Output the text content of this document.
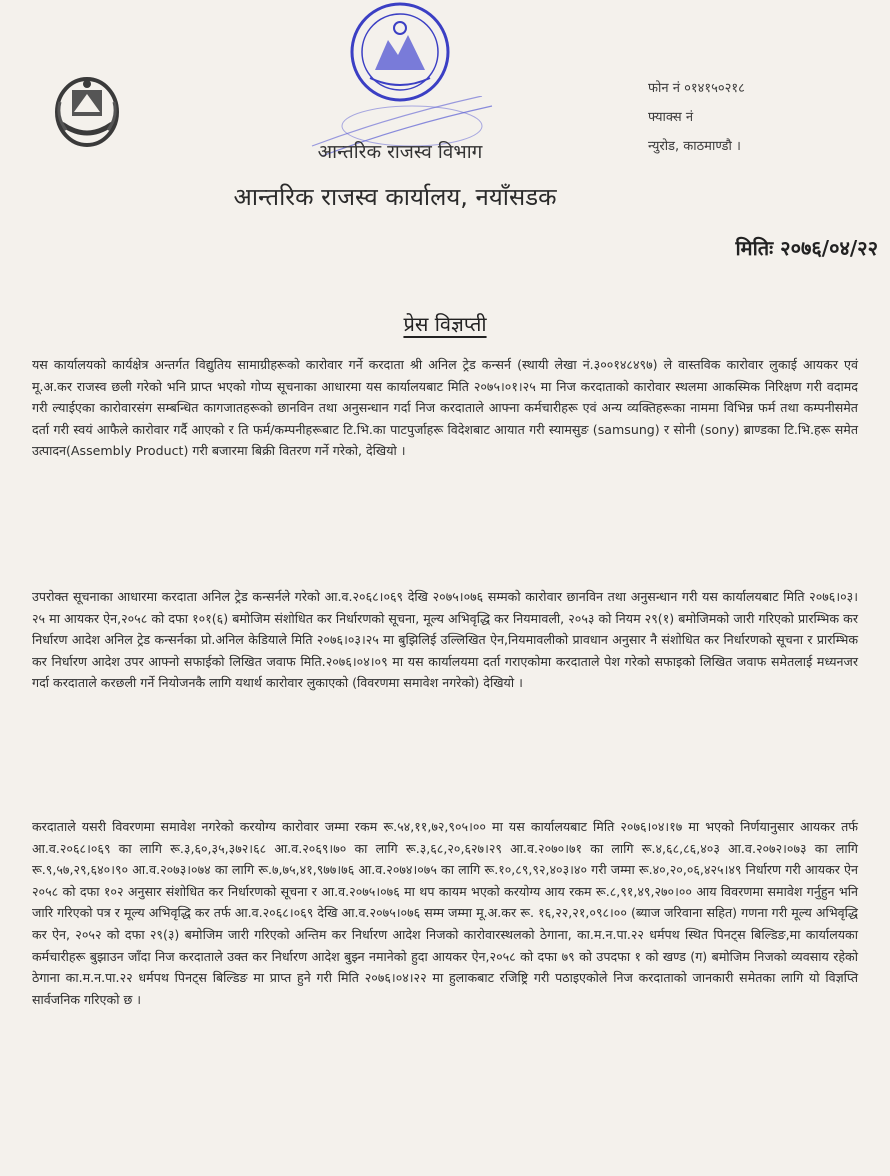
आन्तरिक राजस्व विभाग
आन्तरिक राजस्व कार्यालय, नयाँसडक
फोन नं ०१४१५०२१८
फ्याक्स नं
न्युरोड, काठमाण्डौ ।
मितिः २०७६/०४/२२
प्रेस विज्ञप्ती
यस कार्यालयको कार्यक्षेत्र अन्तर्गत विद्युतिय सामाग्रीहरूको कारोवार गर्ने करदाता श्री अनिल ट्रेड कन्सर्न (स्थायी लेखा नं.३००१४८४९७) ले वास्तविक कारोवार लुकाई आयकर एवं मू.अ.कर राजस्व छली गरेको भनि प्राप्त भएको गोप्य सूचनाका आधारमा यस कार्यालयबाट मिति २०७५।०१।२५ मा निज करदाताको कारोवार स्थलमा आकस्मिक निरिक्षण गरी वदामद गरी ल्याईएका कारोवारसंग सम्बन्धित कागजातहरूको छानविन तथा अनुसन्धान गर्दा निज करदाताले आफ्ना कर्मचारीहरू एवं अन्य व्यक्तिहरूका नाममा विभिन्न फर्म तथा कम्पनीसमेत दर्ता गरी स्वयं आफैले कारोवार गर्दै आएको र ति फर्म/कम्पनीहरूबाट टि.भि.का पाटपुर्जाहरू विदेशबाट आयात गरी स्यामसुङ (samsung) र सोनी (sony) ब्राण्डका टि.भि.हरू समेत उत्पादन(Assembly Product) गरी बजारमा बिक्री वितरण गर्ने गरेको, देखियो ।
उपरोक्त सूचनाका आधारमा करदाता अनिल ट्रेड कन्सर्नले गरेको आ.व.२०६८।०६९ देखि २०७५।०७६ सम्मको कारोवार छानविन तथा अनुसन्धान गरी यस कार्यालयबाट मिति २०७६।०३।२५ मा आयकर ऐन,२०५८ को दफा १०१(६) बमोजिम संशोधित कर निर्धारणको सूचना, मूल्य अभिवृद्धि कर नियमावली, २०५३ को नियम २९(१) बमोजिमको जारी गरिएको प्रारम्भिक कर निर्धारण आदेश अनिल ट्रेड कन्सर्नका प्रो.अनिल केडियाले मिति २०७६।०३।२५ मा बुझिलिई उल्लिखित ऐन,नियमावलीको प्रावधान अनुसार नै संशोधित कर निर्धारणको सूचना र प्रारम्भिक कर निर्धारण आदेश उपर आफ्नो सफाईको लिखित जवाफ मिति.२०७६।०४।०९ मा यस कार्यालयमा दर्ता गराएकोमा करदाताले पेश गरेको सफाइको लिखित जवाफ समेतलाई मध्यनजर गर्दा करदाताले करछली गर्ने नियोजनकै लागि यथार्थ कारोवार लुकाएको (विवरणमा समावेश नगरेको) देखियो ।
करदाताले यसरी विवरणमा समावेश नगरेको करयोग्य कारोवार जम्मा रकम रू.५४,११,७२,९०५।०० मा यस कार्यालयबाट मिति २०७६।०४।१७ मा भएको निर्णयानुसार आयकर तर्फ आ.व.२०६८।०६९ का लागि रू.३,६०,३५,३७२।६८ आ.व.२०६९।७० का लागि रू.३,६८,२०,६२७।२९ आ.व.२०७०।७१ का लागि रू.४,६८,८६,४०३ आ.व.२०७२।०७३ का लागि रू.९,५७,२९,६४०।९० आ.व.२०७३।०७४ का लागि रू.७,७५,४१,९७७।७६ आ.व.२०७४।०७५ का लागि रू.१०,८९,९२,४०३।४० गरी जम्मा रू.४०,२०,०६,४२५।४९ निर्धारण गरी आयकर ऐन २०५८ को दफा १०२ अनुसार संशोधित कर निर्धारणको सूचना र आ.व.२०७५।०७६ मा थप कायम भएको करयोग्य आय रकम रू.८,९१,४९,२७०।०० आय विवरणमा समावेश गर्नुहुन भनि जारि गरिएको पत्र र मूल्य अभिवृद्धि कर तर्फ आ.व.२०६८।०६९ देखि आ.व.२०७५।०७६ सम्म जम्मा मू.अ.कर रू. १६,२२,२१,०९८।०० (ब्याज जरिवाना सहित) गणना गरी मूल्य अभिवृद्धि कर ऐन, २०५२ को दफा २९(३) बमोजिम जारी गरिएको अन्तिम कर निर्धारण आदेश निजको कारोवारस्थलको ठेगाना, का.म.न.पा.२२ धर्मपथ स्थित पिनट्स बिल्डिङ,मा कार्यालयका कर्मचारीहरू बुझाउन जाँदा निज करदाताले उक्त कर निर्धारण आदेश बुझ्न नमानेको हुदा आयकर ऐन,२०५८ को दफा ७९ को उपदफा १ को खण्ड (ग) बमोजिम निजको व्यवसाय रहेको ठेगाना का.म.न.पा.२२ धर्मपथ पिनट्स बिल्डिङ मा प्राप्त हुने गरी मिति २०७६।०४।२२ मा हुलाकबाट रजिष्ट्रि गरी पठाइएकोले निज करदाताको जानकारी समेतका लागि यो विज्ञप्ति सार्वजनिक गरिएको छ ।
